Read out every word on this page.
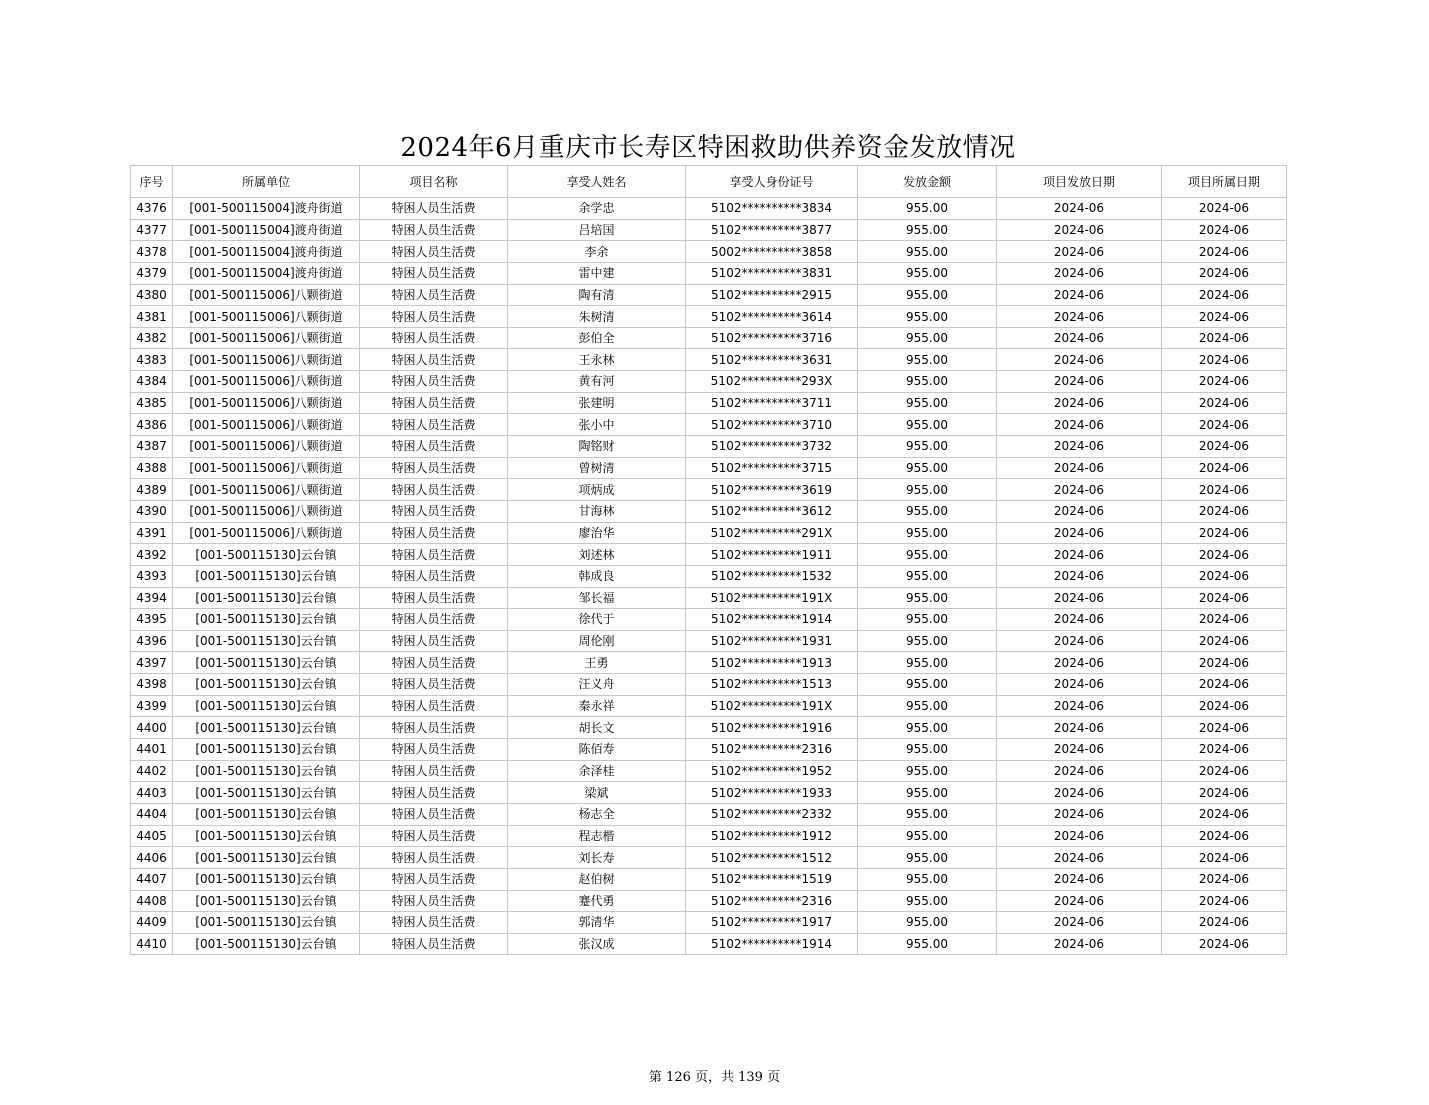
2024年6月重庆市长寿区特困救助供养资金发放情况
序号	所属单位	项目名称	享受人姓名	享受人身份证号	发放金额	项目发放日期	项目所属日期
4376	[001-500115004]渡舟街道	特困人员生活费	余学忠	5102**********3834	955.00	2024-06	2024-06
4377	[001-500115004]渡舟街道	特困人员生活费	吕培国	5102**********3877	955.00	2024-06	2024-06
4378	[001-500115004]渡舟街道	特困人员生活费	李余	5002**********3858	955.00	2024-06	2024-06
4379	[001-500115004]渡舟街道	特困人员生活费	雷中建	5102**********3831	955.00	2024-06	2024-06
4380	[001-500115006]八颗街道	特困人员生活费	陶有清	5102**********2915	955.00	2024-06	2024-06
4381	[001-500115006]八颗街道	特困人员生活费	朱树清	5102**********3614	955.00	2024-06	2024-06
4382	[001-500115006]八颗街道	特困人员生活费	彭伯全	5102**********3716	955.00	2024-06	2024-06
4383	[001-500115006]八颗街道	特困人员生活费	王永林	5102**********3631	955.00	2024-06	2024-06
4384	[001-500115006]八颗街道	特困人员生活费	黄有河	5102**********293X	955.00	2024-06	2024-06
4385	[001-500115006]八颗街道	特困人员生活费	张建明	5102**********3711	955.00	2024-06	2024-06
4386	[001-500115006]八颗街道	特困人员生活费	张小中	5102**********3710	955.00	2024-06	2024-06
4387	[001-500115006]八颗街道	特困人员生活费	陶铭财	5102**********3732	955.00	2024-06	2024-06
4388	[001-500115006]八颗街道	特困人员生活费	曾树清	5102**********3715	955.00	2024-06	2024-06
4389	[001-500115006]八颗街道	特困人员生活费	项炳成	5102**********3619	955.00	2024-06	2024-06
4390	[001-500115006]八颗街道	特困人员生活费	甘海林	5102**********3612	955.00	2024-06	2024-06
4391	[001-500115006]八颗街道	特困人员生活费	廖治华	5102**********291X	955.00	2024-06	2024-06
4392	[001-500115130]云台镇	特困人员生活费	刘述林	5102**********1911	955.00	2024-06	2024-06
4393	[001-500115130]云台镇	特困人员生活费	韩成良	5102**********1532	955.00	2024-06	2024-06
4394	[001-500115130]云台镇	特困人员生活费	邹长福	5102**********191X	955.00	2024-06	2024-06
4395	[001-500115130]云台镇	特困人员生活费	徐代于	5102**********1914	955.00	2024-06	2024-06
4396	[001-500115130]云台镇	特困人员生活费	周伦刚	5102**********1931	955.00	2024-06	2024-06
4397	[001-500115130]云台镇	特困人员生活费	王勇	5102**********1913	955.00	2024-06	2024-06
4398	[001-500115130]云台镇	特困人员生活费	汪义舟	5102**********1513	955.00	2024-06	2024-06
4399	[001-500115130]云台镇	特困人员生活费	秦永祥	5102**********191X	955.00	2024-06	2024-06
4400	[001-500115130]云台镇	特困人员生活费	胡长文	5102**********1916	955.00	2024-06	2024-06
4401	[001-500115130]云台镇	特困人员生活费	陈佰寿	5102**********2316	955.00	2024-06	2024-06
4402	[001-500115130]云台镇	特困人员生活费	余泽桂	5102**********1952	955.00	2024-06	2024-06
4403	[001-500115130]云台镇	特困人员生活费	梁斌	5102**********1933	955.00	2024-06	2024-06
4404	[001-500115130]云台镇	特困人员生活费	杨志全	5102**********2332	955.00	2024-06	2024-06
4405	[001-500115130]云台镇	特困人员生活费	程志楷	5102**********1912	955.00	2024-06	2024-06
4406	[001-500115130]云台镇	特困人员生活费	刘长寿	5102**********1512	955.00	2024-06	2024-06
4407	[001-500115130]云台镇	特困人员生活费	赵伯树	5102**********1519	955.00	2024-06	2024-06
4408	[001-500115130]云台镇	特困人员生活费	蹇代勇	5102**********2316	955.00	2024-06	2024-06
4409	[001-500115130]云台镇	特困人员生活费	郭清华	5102**********1917	955.00	2024-06	2024-06
4410	[001-500115130]云台镇	特困人员生活费	张汉成	5102**********1914	955.00	2024-06	2024-06
第 126 页，共 139 页
